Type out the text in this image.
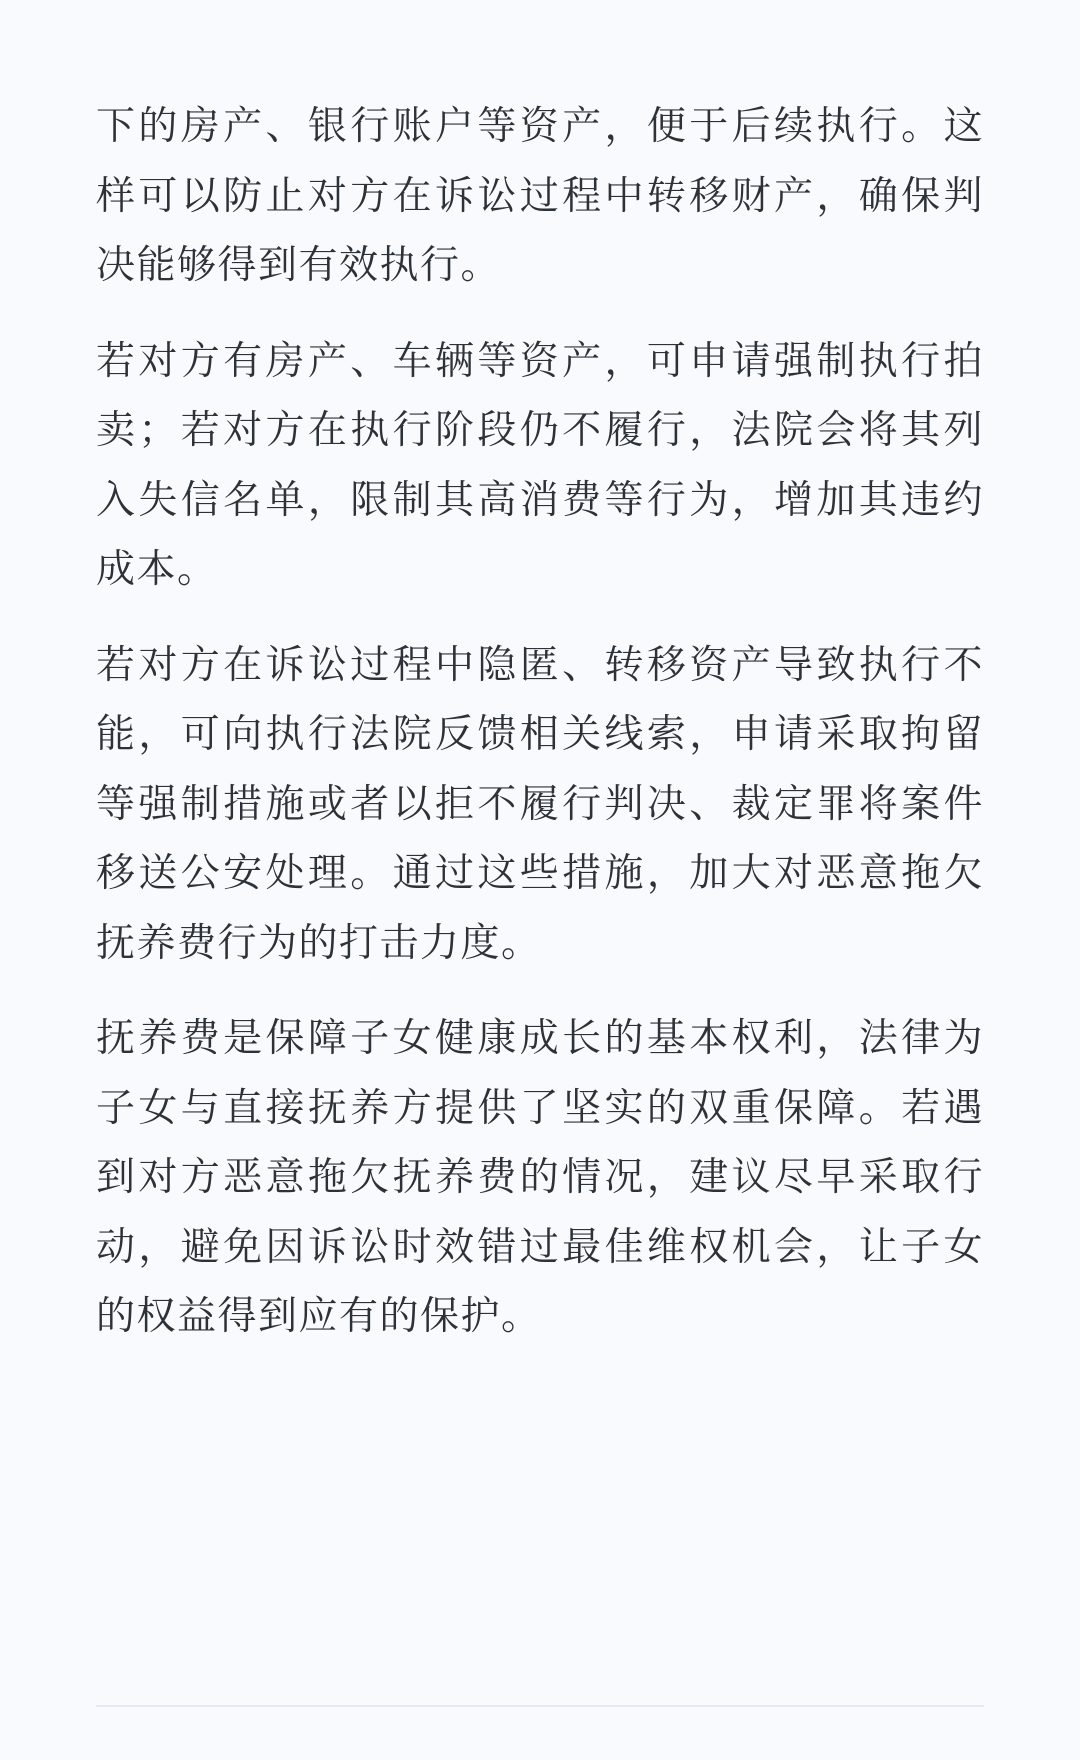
下的房产、银行账户等资产，便于后续执行。这样可以防止对方在诉讼过程中转移财产，确保判决能够得到有效执行。

若对方有房产、车辆等资产，可申请强制执行拍卖；若对方在执行阶段仍不履行，法院会将其列入失信名单，限制其高消费等行为，增加其违约成本。

若对方在诉讼过程中隐匿、转移资产导致执行不能，可向执行法院反馈相关线索，申请采取拘留等强制措施或者以拒不履行判决、裁定罪将案件移送公安处理。通过这些措施，加大对恶意拖欠抚养费行为的打击力度。

抚养费是保障子女健康成长的基本权利，法律为子女与直接抚养方提供了坚实的双重保障。若遇到对方恶意拖欠抚养费的情况，建议尽早采取行动，避免因诉讼时效错过最佳维权机会，让子女的权益得到应有的保护。
